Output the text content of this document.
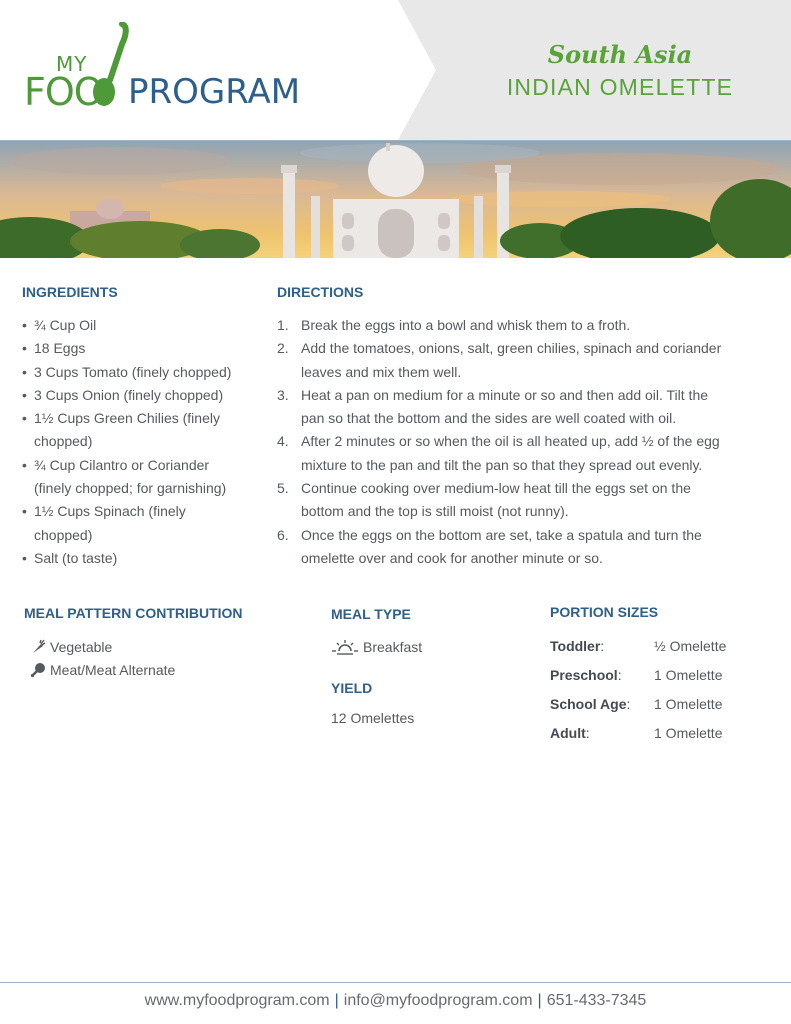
MY
FOO PROGRAM
South Asia
INDIAN OMELETTE
INGREDIENTS
• ¾ Cup Oil
• 18 Eggs
• 3 Cups Tomato (finely chopped)
• 3 Cups Onion (finely chopped)
• 1½ Cups Green Chilies (finely
chopped)
• ¾ Cup Cilantro or Coriander
(finely chopped; for garnishing)
• 1½ Cups Spinach (finely
chopped)
• Salt (to taste)
DIRECTIONS
1. Break the eggs into a bowl and whisk them to a froth.
2. Add the tomatoes, onions, salt, green chilies, spinach and coriander
leaves and mix them well.
3. Heat a pan on medium for a minute or so and then add oil. Tilt the
pan so that the bottom and the sides are well coated with oil.
4. After 2 minutes or so when the oil is all heated up, add ½ of the egg
mixture to the pan and tilt the pan so that they spread out evenly.
5. Continue cooking over medium-low heat till the eggs set on the
bottom and the top is still moist (not runny).
6. Once the eggs on the bottom are set, take a spatula and turn the
omelette over and cook for another minute or so.
MEAL PATTERN CONTRIBUTION
Vegetable
Meat/Meat Alternate
MEAL TYPE
Breakfast
YIELD
12 Omelettes
PORTION SIZES
Toddler:	½ Omelette
Preschool: 1 Omelette
School Age: 1 Omelette
Adult:	1 Omelette
www.myfoodprogram.com | info@myfoodprogram.com | 651-433-7345
